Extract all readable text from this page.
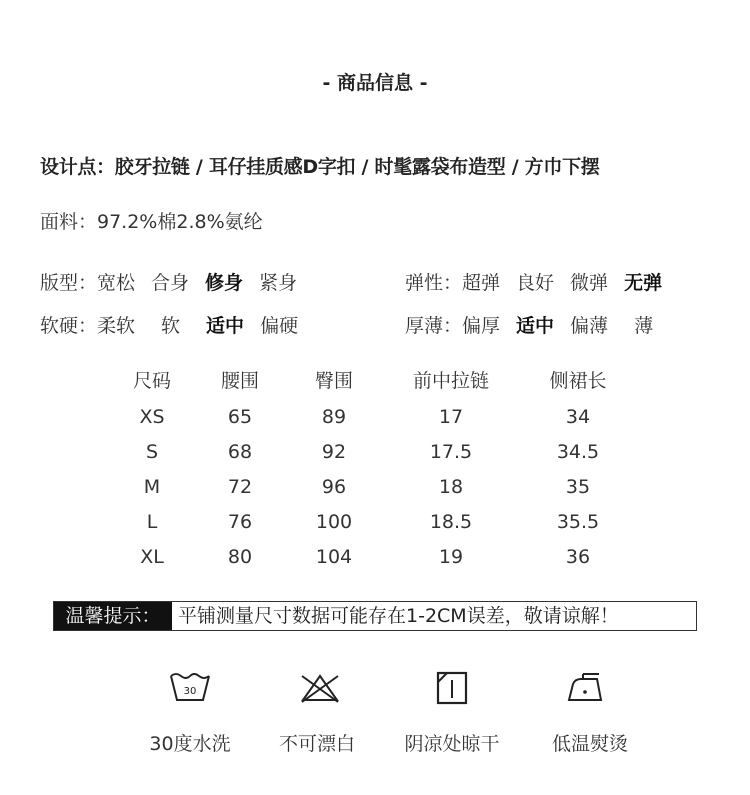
- 商品信息 -
设计点：胶牙拉链 / 耳仔挂质感D字扣 / 时髦露袋布造型 / 方巾下摆
面料：97.2%棉2.8%氨纶
版型：宽松 合身 修身 紧身	弹性：超弹 良好 微弹 无弹
软硬：柔软 软 适中 偏硬	厚薄：偏厚 适中 偏薄 薄
尺码	腰围	臀围	前中拉链	侧裙长
XS	65	89	17	34
S	68	92	17.5	34.5
M	72	96	18	35
L	76	100	18.5	35.5
XL	80	104	19	36
温馨提示： 平铺测量尺寸数据可能存在1-2CM误差，敬请谅解！
30
30度水洗	不可漂白	阴凉处晾干	低温熨烫
